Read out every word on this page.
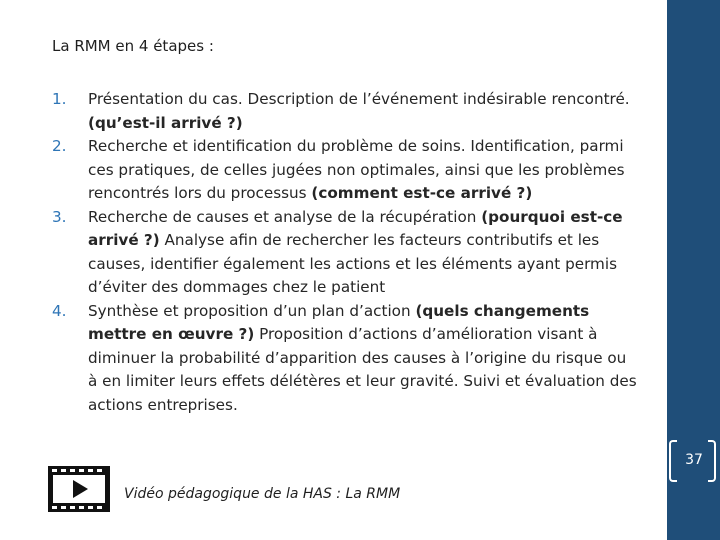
La RMM en 4 étapes :
1. Présentation du cas. Description de l’événement indésirable rencontré. (qu’est-il arrivé ?)
2. Recherche et identification du problème de soins. Identification, parmi ces pratiques, de celles jugées non optimales, ainsi que les problèmes rencontrés lors du processus (comment est-ce arrivé ?)
3. Recherche de causes et analyse de la récupération (pourquoi est-ce arrivé ?) Analyse afin de rechercher les facteurs contributifs et les causes, identifier également les actions et les éléments ayant permis d’éviter des dommages chez le patient
4. Synthèse et proposition d’un plan d’action (quels changements mettre en œuvre ?) Proposition d’actions d’amélioration visant à diminuer la probabilité d’apparition des causes à l’origine du risque ou à en limiter leurs effets délétères et leur gravité. Suivi et évaluation des actions entreprises.
37
Vidéo pédagogique de la HAS : La RMM
